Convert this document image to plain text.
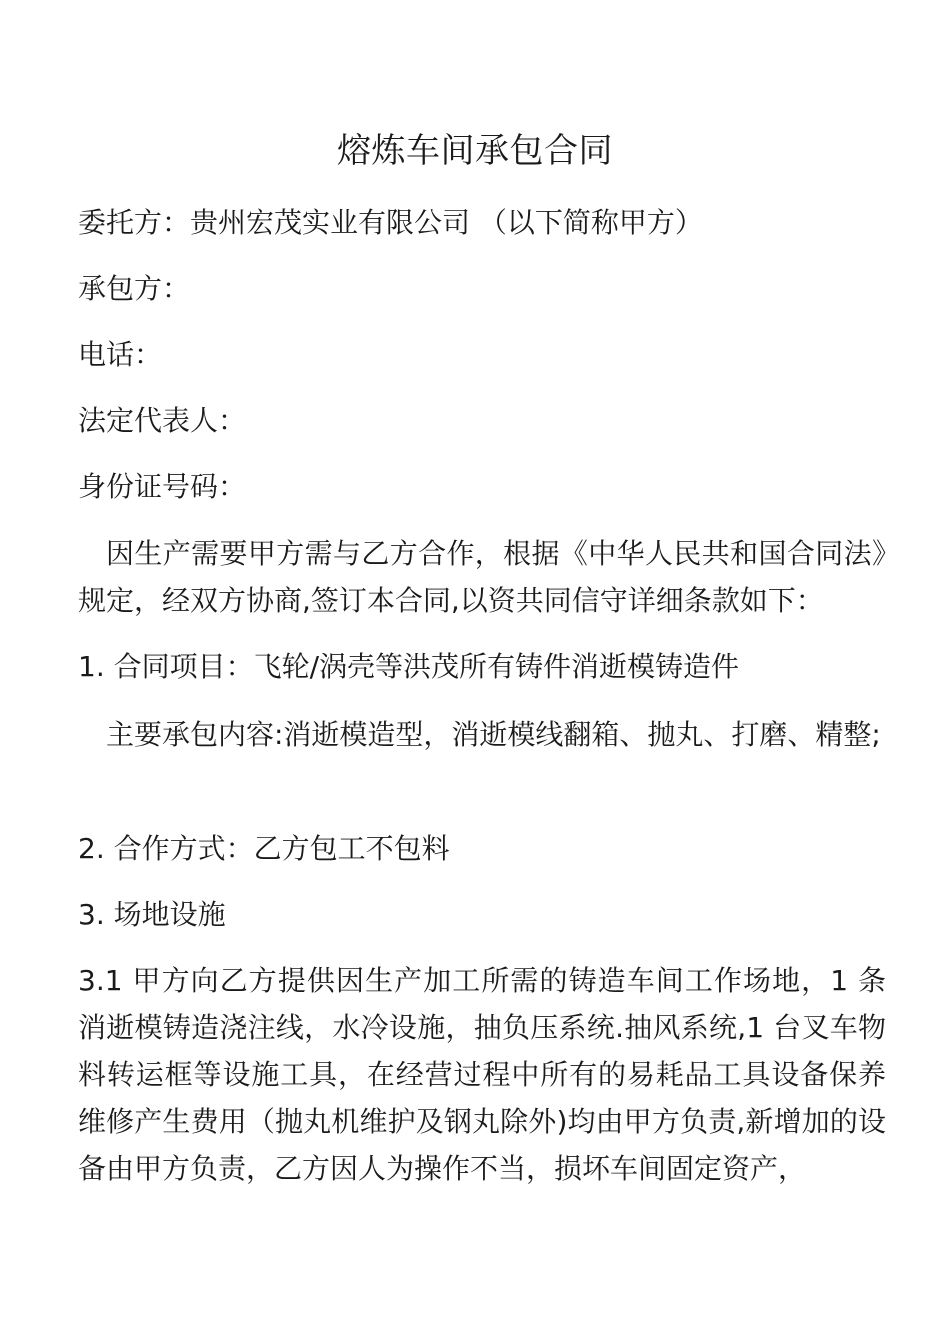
熔炼车间承包合同
委托方：贵州宏茂实业有限公司 （以下简称甲方）
承包方：
电话：
法定代表人：
身份证号码：
因生产需要甲方需与乙方合作，根据《中华人民共和国合同法》规定，经双方协商,签订本合同,以资共同信守详细条款如下：
1. 合同项目：飞轮/涡壳等洪茂所有铸件消逝模铸造件
主要承包内容:消逝模造型，消逝模线翻箱、抛丸、打磨、精整;
2. 合作方式：乙方包工不包料
3. 场地设施
3.1 甲方向乙方提供因生产加工所需的铸造车间工作场地，1 条消逝模铸造浇注线，水冷设施，抽负压系统.抽风系统,1 台叉车物料转运框等设施工具，在经营过程中所有的易耗品工具设备保养维修产生费用（抛丸机维护及钢丸除外)均由甲方负责,新增加的设备由甲方负责，乙方因人为操作不当，损坏车间固定资产，
